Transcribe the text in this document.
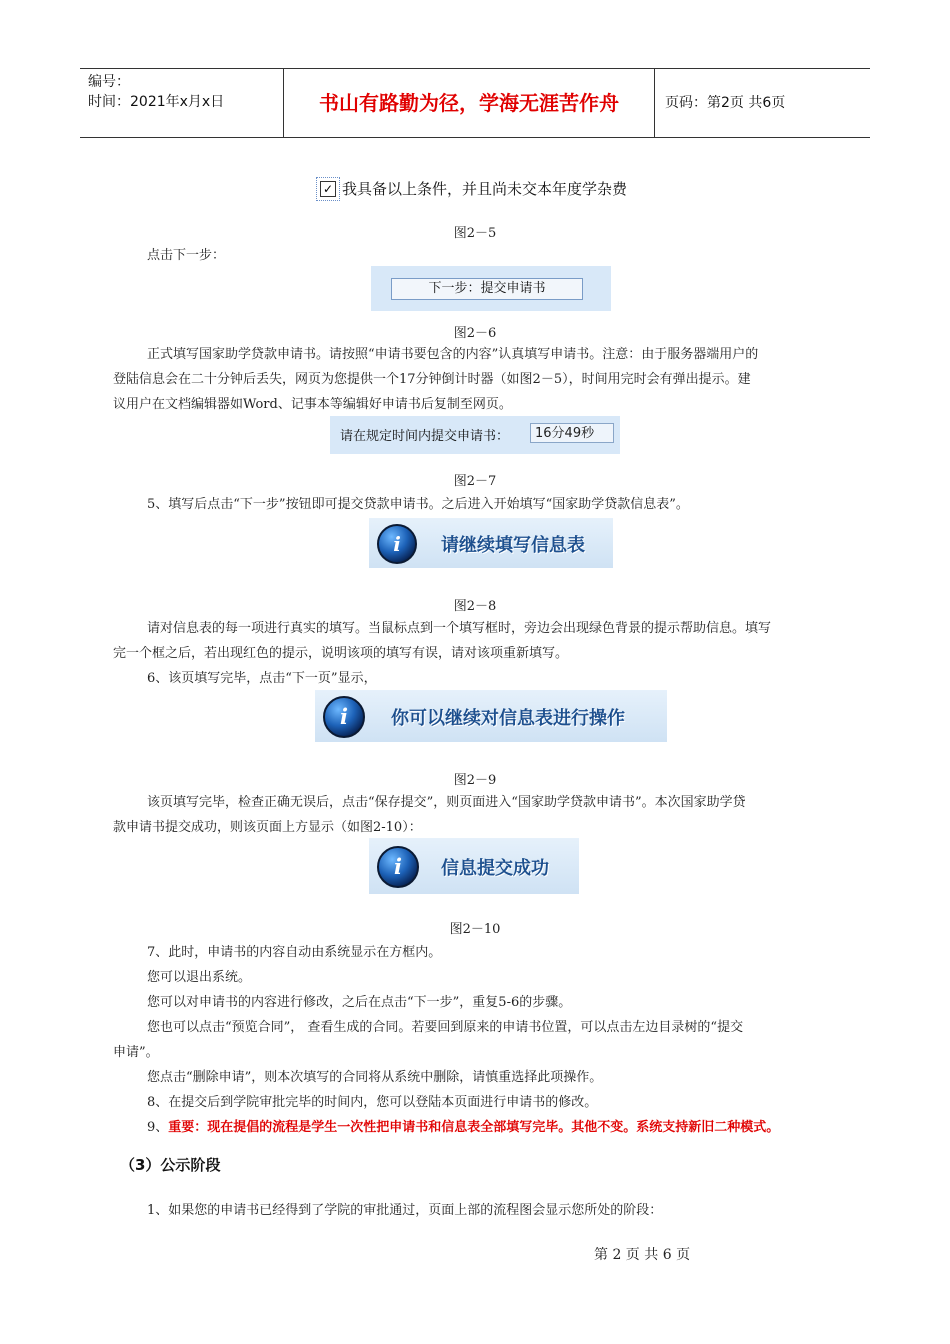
编号：
时间：2021年x月x日	书山有路勤为径，学海无涯苦作舟	页码：第2页 共6页
✓ 我具备以上条件，并且尚未交本年度学杂费
图2－5

点击下一步：

下一步：提交申请书
图2－6

正式填写国家助学贷款申请书。请按照“申请书要包含的内容”认真填写申请书。注意：由于服务器端用户的

登陆信息会在二十分钟后丢失，网页为您提供一个17分钟倒计时器（如图2－5），时间用完时会有弹出提示。建

议用户在文档编辑器如Word、记事本等编辑好申请书后复制至网页。

请在规定时间内提交申请书：	16分49秒
图2－7

5、填写后点击“下一步”按钮即可提交贷款申请书。之后进入开始填写“国家助学贷款信息表”。

i	请继续填写信息表
图2－8

请对信息表的每一项进行真实的填写。当鼠标点到一个填写框时，旁边会出现绿色背景的提示帮助信息。填写

完一个框之后，若出现红色的提示，说明该项的填写有误，请对该项重新填写。

6、该页填写完毕，点击“下一页”显示，

i	你可以继续对信息表进行操作
图2－9

该页填写完毕，检查正确无误后，点击“保存提交”，则页面进入“国家助学贷款申请书”。本次国家助学贷

款申请书提交成功，则该页面上方显示（如图2-10）：

i	信息提交成功
图2－10

7、此时，申请书的内容自动由系统显示在方框内。

您可以退出系统。

您可以对申请书的内容进行修改，之后在点击“下一步”，重复5-6的步骤。

您也可以点击“预览合同”， 查看生成的合同。若要回到原来的申请书位置，可以点击左边目录树的“提交

申请”。

您点击“删除申请”，则本次填写的合同将从系统中删除，请慎重选择此项操作。

8、在提交后到学院审批完毕的时间内，您可以登陆本页面进行申请书的修改。

9、重要：现在提倡的流程是学生一次性把申请书和信息表全部填写完毕。其他不变。系统支持新旧二种模式。

（3）公示阶段

1、如果您的申请书已经得到了学院的审批通过，页面上部的流程图会显示您所处的阶段：

第 2 页 共 6 页
